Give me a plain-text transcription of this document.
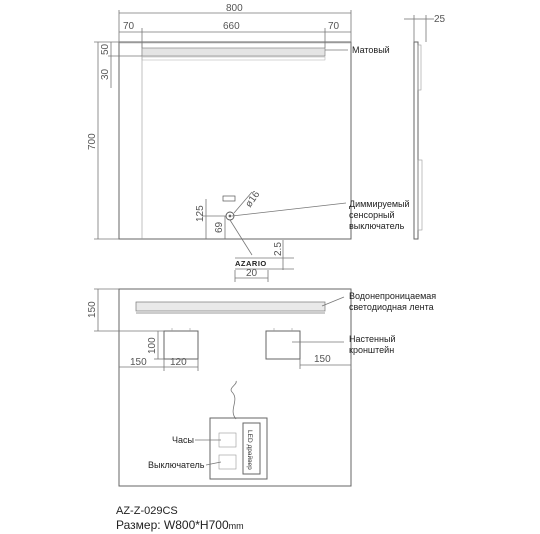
AZARIO
800
70	660	70
700
50
30
125
69
ø16
2.5
20
25
LED драйвер
150
100
150 120	150
Матовый
Диммируемый
сенсорный
выключатель
Водонепроницаемая
светодиодная лента
Настенный
кронштейн
Часы
Выключатель
AZ-Z-029CS
Размер: W800*H700mm
